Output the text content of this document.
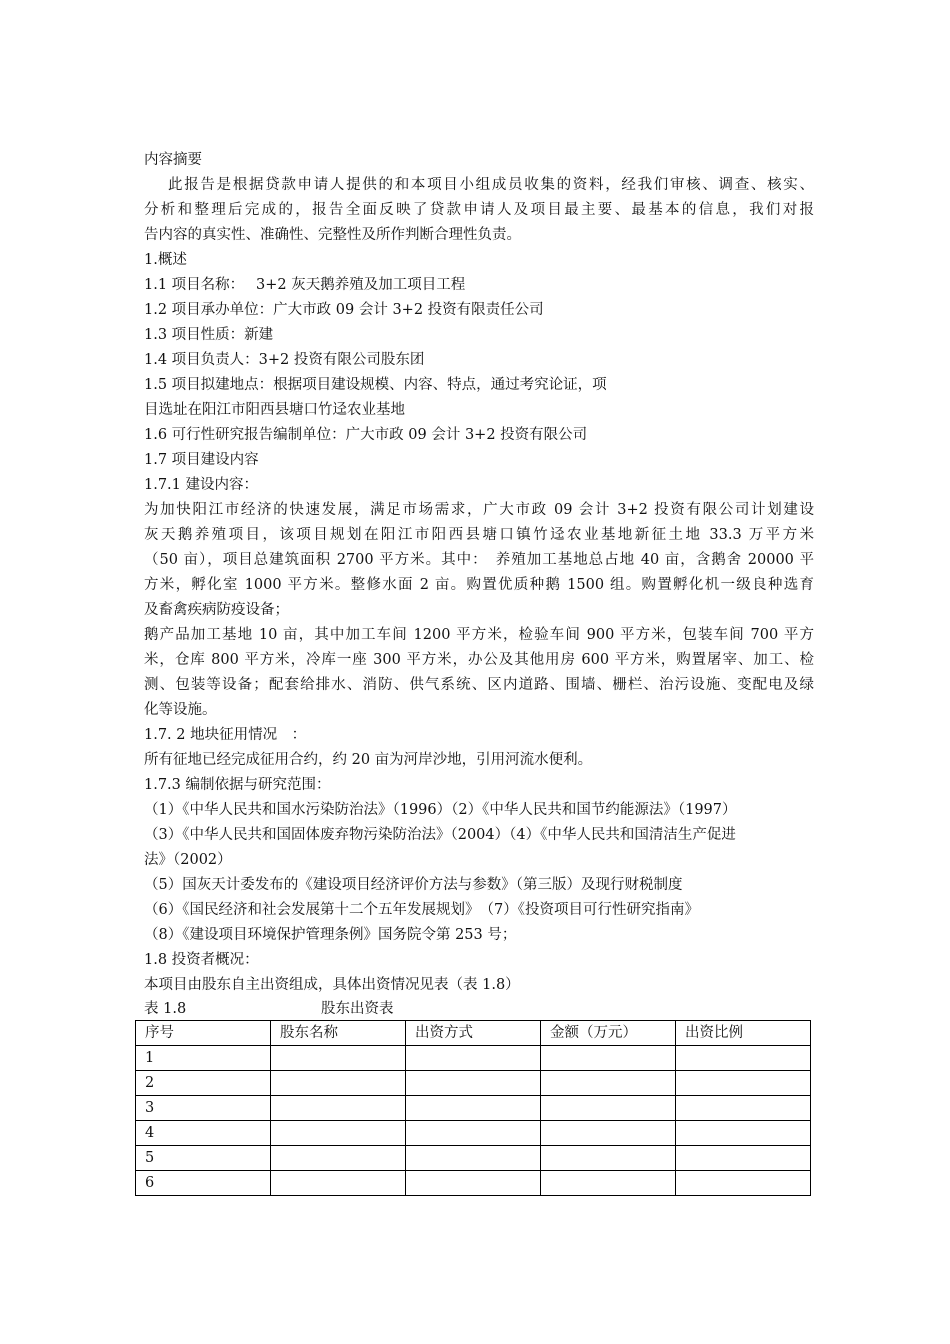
内容摘要
此报告是根据贷款申请人提供的和本项目小组成员收集的资料，经我们审核、调查、核实、
分析和整理后完成的，报告全面反映了贷款申请人及项目最主要、最基本的信息，我们对报
告内容的真实性、准确性、完整性及所作判断合理性负责。
1.概述
1.1 项目名称：　 3+2 灰天鹅养殖及加工项目工程
1.2 项目承办单位：广大市政 09 会计 3+2 投资有限责任公司
1.3 项目性质：新建
1.4 项目负责人：3+2 投资有限公司股东团
1.5 项目拟建地点：根据项目建设规模、内容、特点，通过考究论证，项
目选址在阳江市阳西县塘口竹迳农业基地
1.6 可行性研究报告编制单位：广大市政 09 会计 3+2 投资有限公司
1.7 项目建设内容
1.7.1 建设内容：
为加快阳江市经济的快速发展，满足市场需求，广大市政 09 会计 3+2 投资有限公司计划建设
灰天鹅养殖项目，该项目规划在阳江市阳西县塘口镇竹迳农业基地新征土地 33.3 万平方米
（50 亩），项目总建筑面积 2700 平方米。其中：　养殖加工基地总占地 40 亩，含鹅舍 20000 平
方米，孵化室 1000 平方米。整修水面 2 亩。购置优质种鹅 1500 组。购置孵化机一级良种选育
及畜禽疾病防疫设备；
鹅产品加工基地 10 亩，其中加工车间 1200 平方米，检验车间 900 平方米，包装车间 700 平方
米，仓库 800 平方米，冷库一座 300 平方米，办公及其他用房 600 平方米，购置屠宰、加工、检
测、包装等设备；配套给排水、消防、供气系统、区内道路、围墙、栅栏、治污设施、变配电及绿
化等设施。
1.7. 2 地块征用情况　：
所有征地已经完成征用合约，约 20 亩为河岸沙地，引用河流水便利。
1.7.3 编制依据与研究范围：
（1）《中华人民共和国水污染防治法》（1996）（2）《中华人民共和国节约能源法》（1997）
（3）《中华人民共和国固体废弃物污染防治法》（2004）（4）《中华人民共和国清洁生产促进
法》（2002）
（5）国灰天计委发布的《建设项目经济评价方法与参数》（第三版）及现行财税制度
（6）《国民经济和社会发展第十二个五年发展规划》　（7）《投资项目可行性研究指南》
（8）《建设项目环境保护管理条例》国务院令第 253 号；
1.8 投资者概况：
本项目由股东自主出资组成，具体出资情况见表（表 1.8）
表 1.8	股东出资表
序号	股东名称	出资方式	金额（万元）	出资比例
1				
2				
3				
4				
5				
6				
